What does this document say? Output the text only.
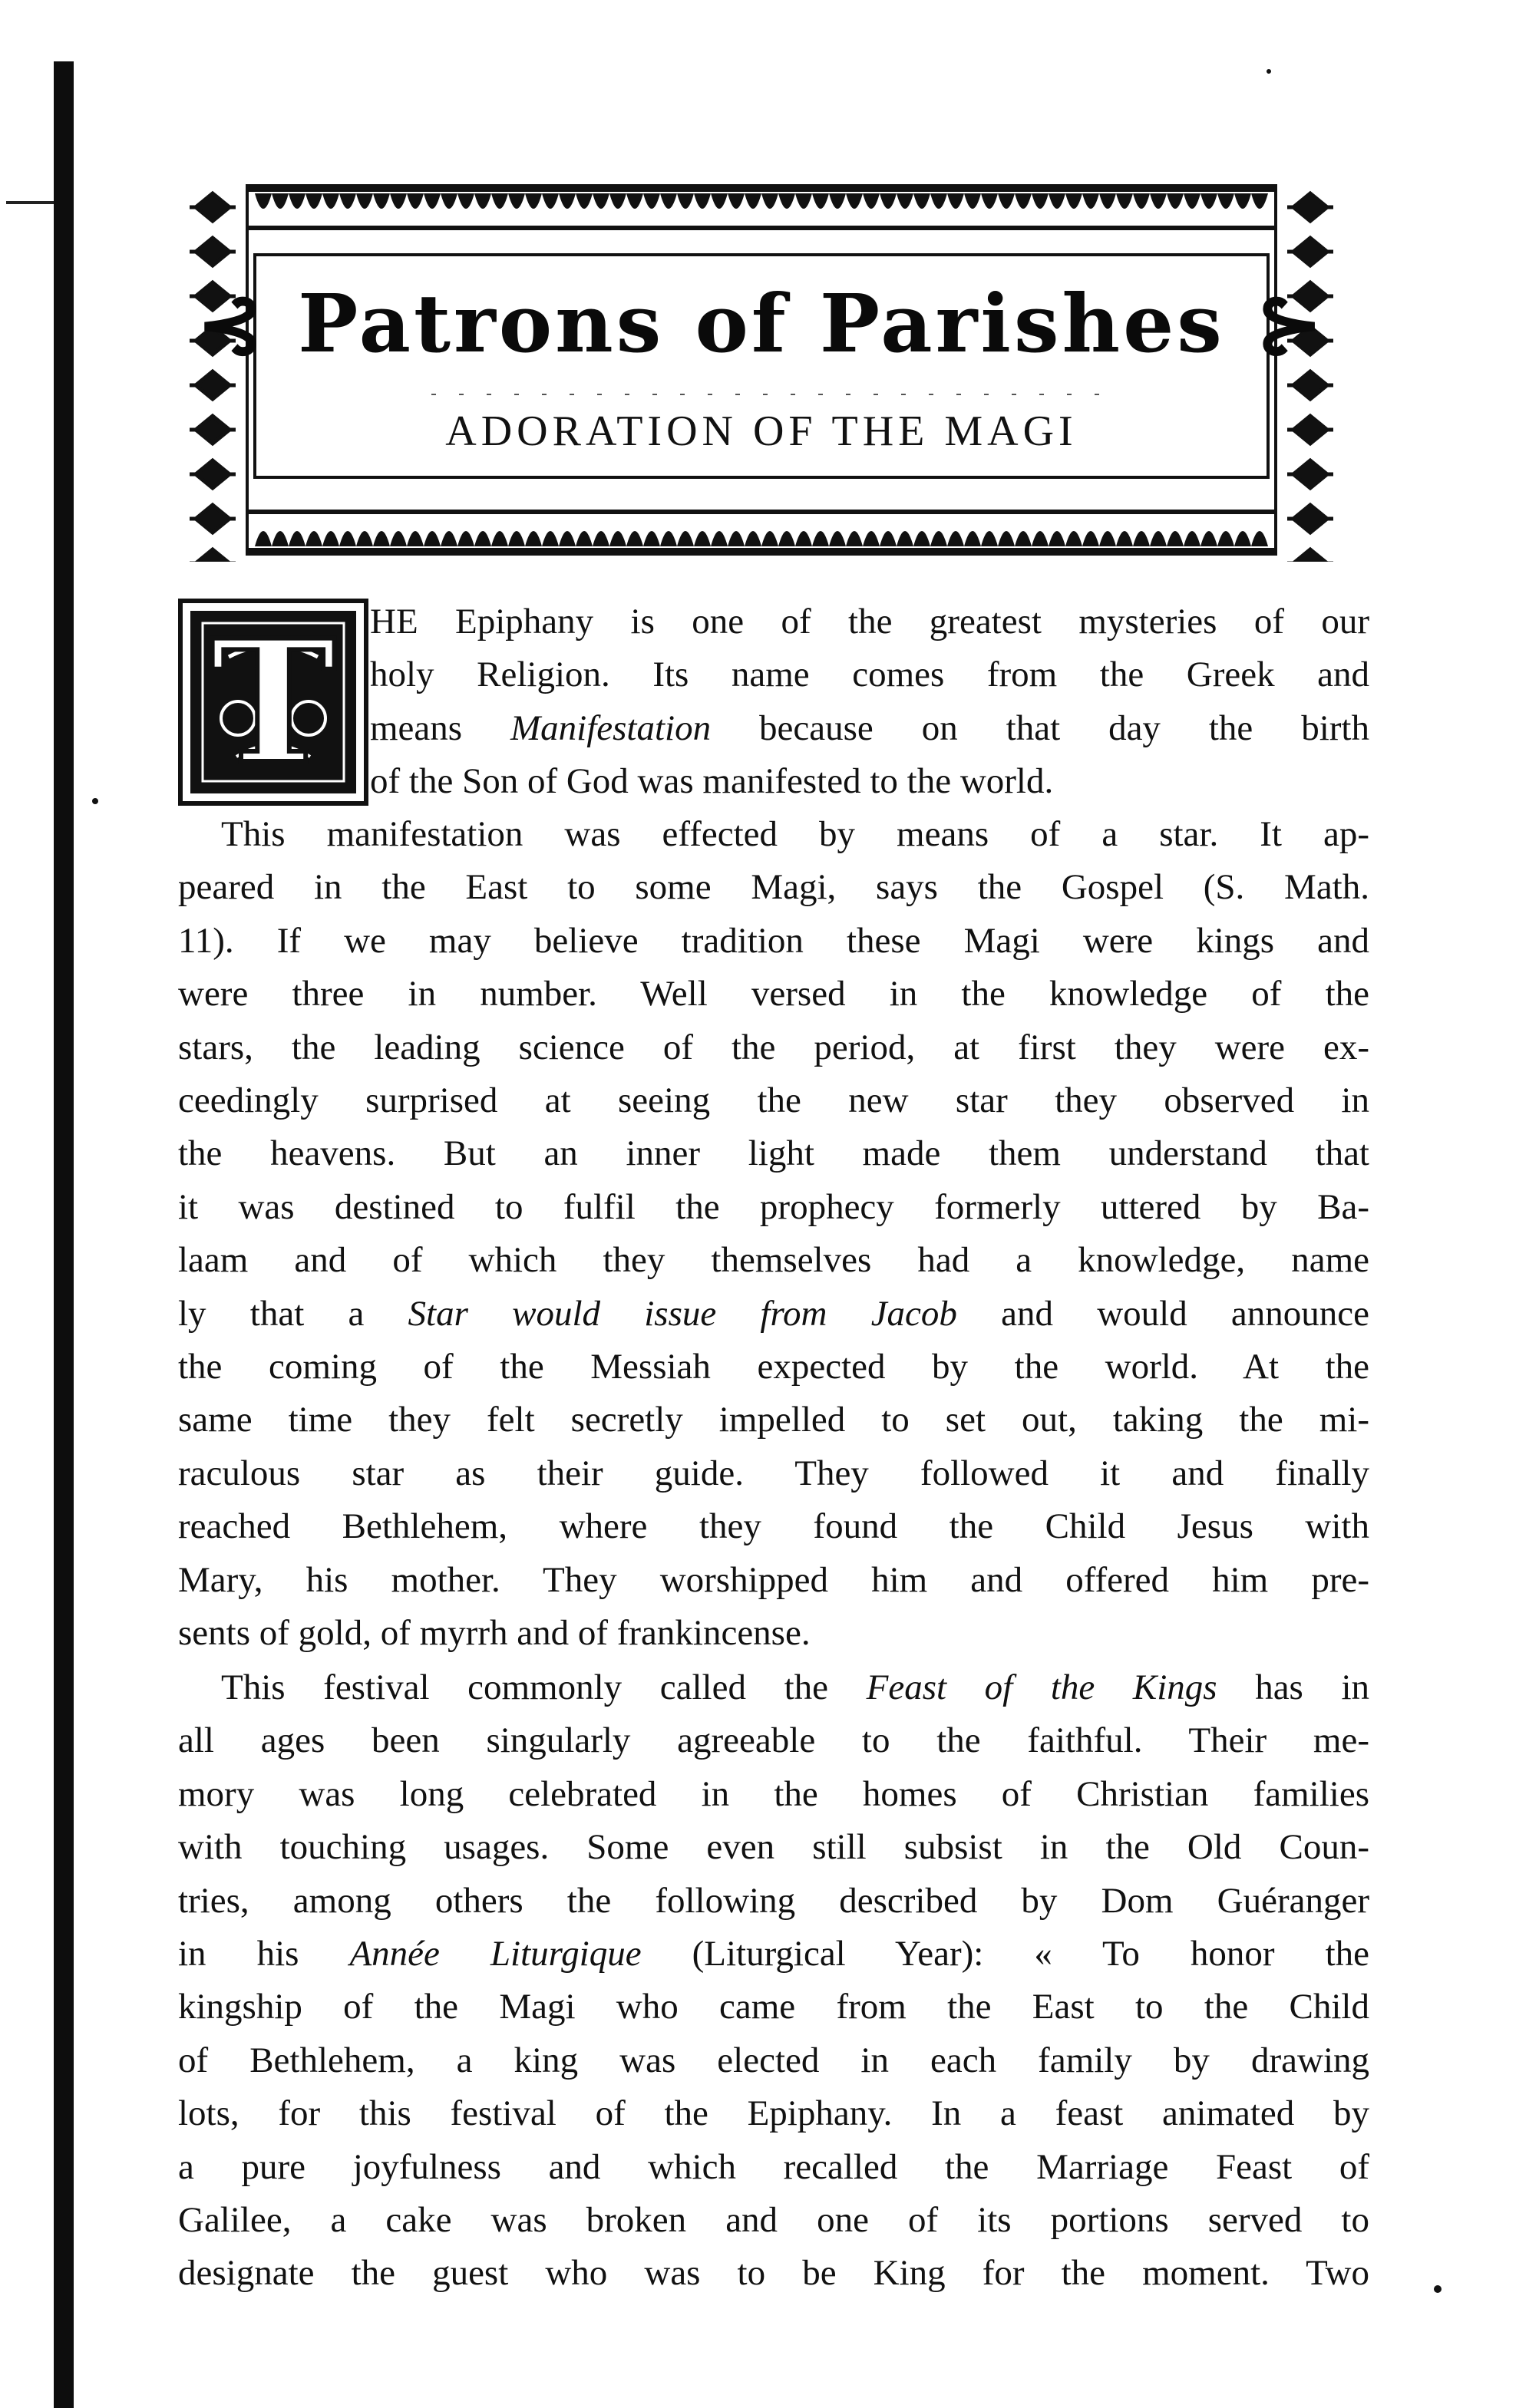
⊰ Patrons of Parishes ⊱
ADORATION OF THE MAGI
T HE Epiphany is one of the greatest mysteries of our
holy Religion. Its name comes from the Greek and
means Manifestation because on that day the birth
of the Son of God was manifested to the world.
This manifestation was effected by means of a star. It ap-
peared in the East to some Magi, says the Gospel (S. Math.
11). If we may believe tradition these Magi were kings and
were three in number. Well versed in the knowledge of the
stars, the leading science of the period, at first they were ex-
ceedingly surprised at seeing the new star they observed in
the heavens. But an inner light made them understand that
it was destined to fulfil the prophecy formerly uttered by Ba-
laam and of which they themselves had a knowledge, name
ly that a Star would issue from Jacob and would announce
the coming of the Messiah expected by the world. At the
same time they felt secretly impelled to set out, taking the mi-
raculous star as their guide. They followed it and finally
reached Bethlehem, where they found the Child Jesus with
Mary, his mother. They worshipped him and offered him pre-
sents of gold, of myrrh and of frankincense.
This festival commonly called the Feast of the Kings has in
all ages been singularly agreeable to the faithful. Their me-
mory was long celebrated in the homes of Christian families
with touching usages. Some even still subsist in the Old Coun-
tries, among others the following described by Dom Guéranger
in his Année Liturgique (Liturgical Year): « To honor the
kingship of the Magi who came from the East to the Child
of Bethlehem, a king was elected in each family by drawing
lots, for this festival of the Epiphany. In a feast animated by
a pure joyfulness and which recalled the Marriage Feast of
Galilee, a cake was broken and one of its portions served to
designate the guest who was to be King for the moment. Two
